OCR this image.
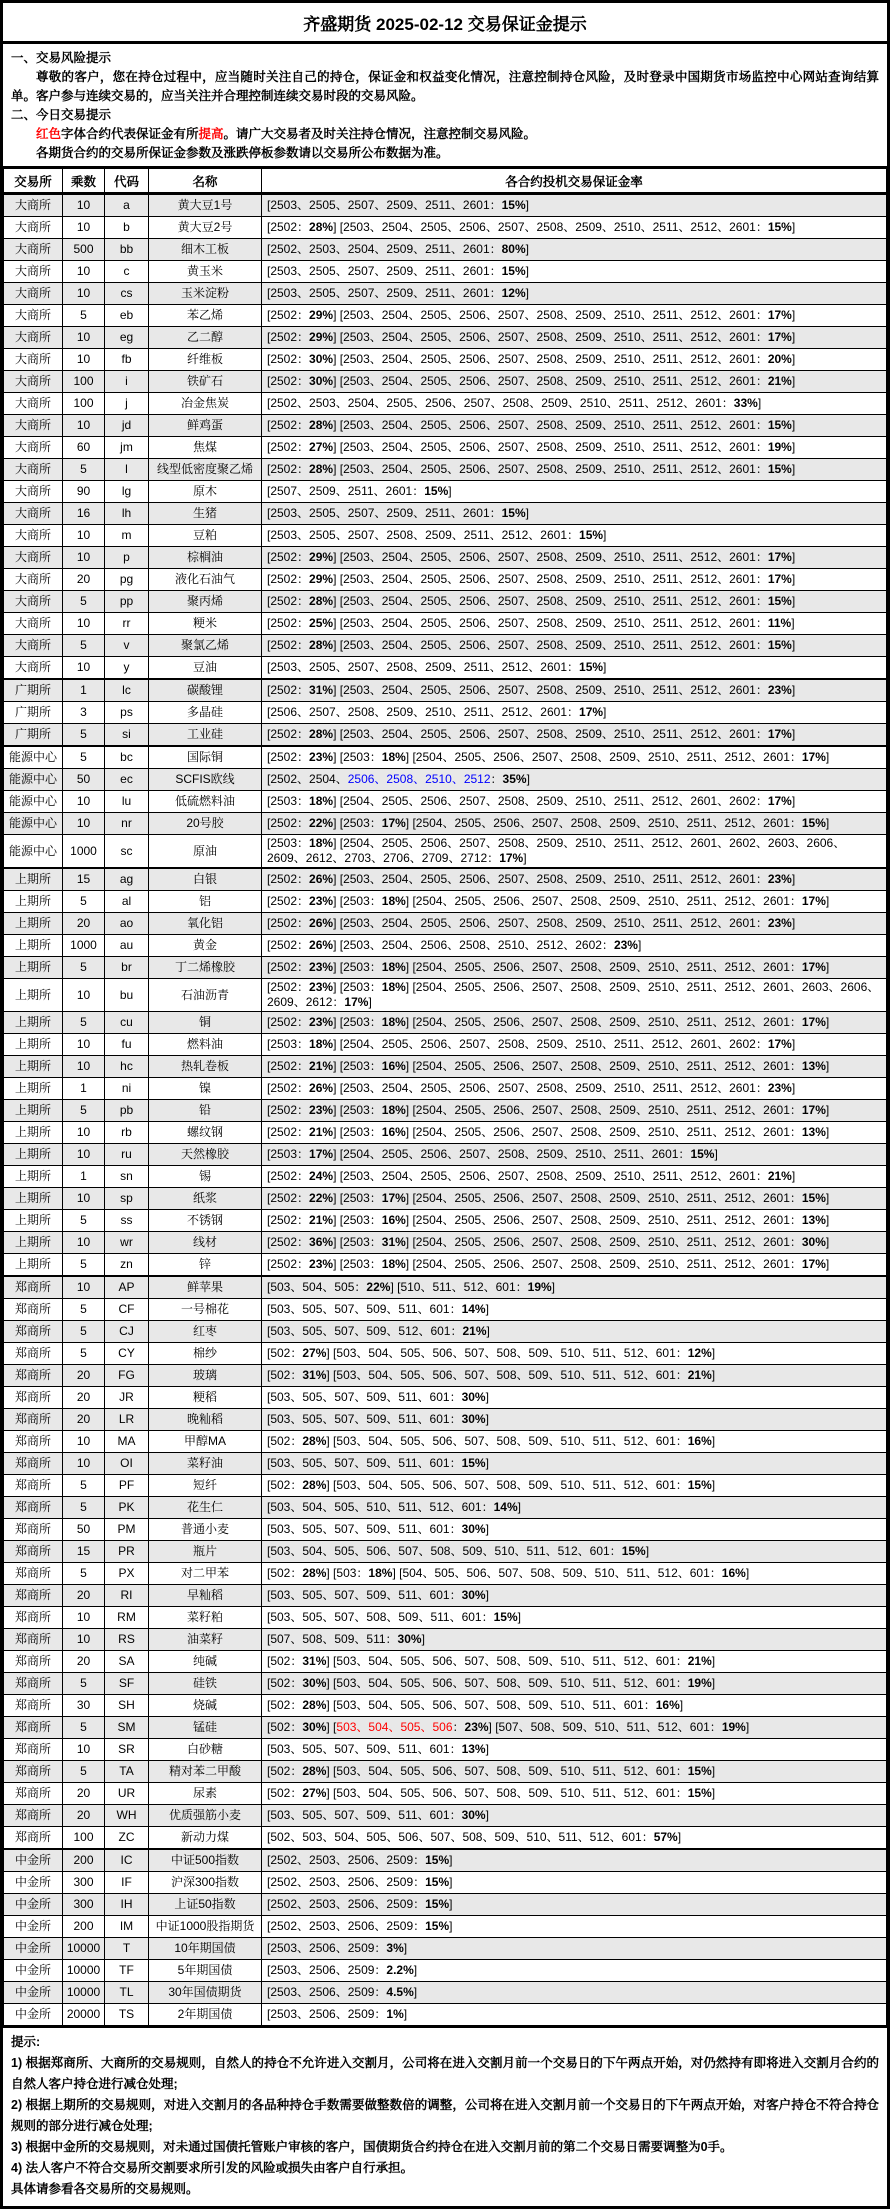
齐盛期货 2025-02-12 交易保证金提示
一、交易风险提示

尊敬的客户，您在持仓过程中，应当随时关注自己的持仓，保证金和权益变化情况，注意控制持仓风险，及时登录中国期货市场监控中心网站查询结算单。客户参与连续交易的，应当关注并合理控制连续交易时段的交易风险。

二、今日交易提示

红色字体合约代表保证金有所提高。请广大交易者及时关注持仓情况，注意控制交易风险。

各期货合约的交易所保证金参数及涨跌停板参数请以交易所公布数据为准。

交易所	乘数	代码	名称	各合约投机交易保证金率
大商所	10	a	黄大豆1号	[2503、2505、2507、2509、2511、2601：15%]
大商所	10	b	黄大豆2号	[2502：28%] [2503、2504、2505、2506、2507、2508、2509、2510、2511、2512、2601：15%]
大商所	500	bb	细木工板	[2502、2503、2504、2509、2511、2601：80%]
大商所	10	c	黄玉米	[2503、2505、2507、2509、2511、2601：15%]
大商所	10	cs	玉米淀粉	[2503、2505、2507、2509、2511、2601：12%]
大商所	5	eb	苯乙烯	[2502：29%] [2503、2504、2505、2506、2507、2508、2509、2510、2511、2512、2601：17%]
大商所	10	eg	乙二醇	[2502：29%] [2503、2504、2505、2506、2507、2508、2509、2510、2511、2512、2601：17%]
大商所	10	fb	纤维板	[2502：30%] [2503、2504、2505、2506、2507、2508、2509、2510、2511、2512、2601：20%]
大商所	100	i	铁矿石	[2502：30%] [2503、2504、2505、2506、2507、2508、2509、2510、2511、2512、2601：21%]
大商所	100	j	冶金焦炭	[2502、2503、2504、2505、2506、2507、2508、2509、2510、2511、2512、2601：33%]
大商所	10	jd	鲜鸡蛋	[2502：28%] [2503、2504、2505、2506、2507、2508、2509、2510、2511、2512、2601：15%]
大商所	60	jm	焦煤	[2502：27%] [2503、2504、2505、2506、2507、2508、2509、2510、2511、2512、2601：19%]
大商所	5	l	线型低密度聚乙烯	[2502：28%] [2503、2504、2505、2506、2507、2508、2509、2510、2511、2512、2601：15%]
大商所	90	lg	原木	[2507、2509、2511、2601：15%]
大商所	16	lh	生猪	[2503、2505、2507、2509、2511、2601：15%]
大商所	10	m	豆粕	[2503、2505、2507、2508、2509、2511、2512、2601：15%]
大商所	10	p	棕榈油	[2502：29%] [2503、2504、2505、2506、2507、2508、2509、2510、2511、2512、2601：17%]
大商所	20	pg	液化石油气	[2502：29%] [2503、2504、2505、2506、2507、2508、2509、2510、2511、2512、2601：17%]
大商所	5	pp	聚丙烯	[2502：28%] [2503、2504、2505、2506、2507、2508、2509、2510、2511、2512、2601：15%]
大商所	10	rr	粳米	[2502：25%] [2503、2504、2505、2506、2507、2508、2509、2510、2511、2512、2601：11%]
大商所	5	v	聚氯乙烯	[2502：28%] [2503、2504、2505、2506、2507、2508、2509、2510、2511、2512、2601：15%]
大商所	10	y	豆油	[2503、2505、2507、2508、2509、2511、2512、2601：15%]
广期所	1	lc	碳酸锂	[2502：31%] [2503、2504、2505、2506、2507、2508、2509、2510、2511、2512、2601：23%]
广期所	3	ps	多晶硅	[2506、2507、2508、2509、2510、2511、2512、2601：17%]
广期所	5	si	工业硅	[2502：28%] [2503、2504、2505、2506、2507、2508、2509、2510、2511、2512、2601：17%]
能源中心	5	bc	国际铜	[2502：23%] [2503：18%] [2504、2505、2506、2507、2508、2509、2510、2511、2512、2601：17%]
能源中心	50	ec	SCFIS欧线	[2502、2504、2506、2508、2510、2512：35%]
能源中心	10	lu	低硫燃料油	[2503：18%] [2504、2505、2506、2507、2508、2509、2510、2511、2512、2601、2602：17%]
能源中心	10	nr	20号胶	[2502：22%] [2503：17%] [2504、2505、2506、2507、2508、2509、2510、2511、2512、2601：15%]
能源中心	1000	sc	原油	[2503：18%] [2504、2505、2506、2507、2508、2509、2510、2511、2512、2601、2602、2603、2606、2609、2612、2703、2706、2709、2712：17%]
上期所	15	ag	白银	[2502：26%] [2503、2504、2505、2506、2507、2508、2509、2510、2511、2512、2601：23%]
上期所	5	al	铝	[2502：23%] [2503：18%] [2504、2505、2506、2507、2508、2509、2510、2511、2512、2601：17%]
上期所	20	ao	氧化铝	[2502：26%] [2503、2504、2505、2506、2507、2508、2509、2510、2511、2512、2601：23%]
上期所	1000	au	黄金	[2502：26%] [2503、2504、2506、2508、2510、2512、2602：23%]
上期所	5	br	丁二烯橡胶	[2502：23%] [2503：18%] [2504、2505、2506、2507、2508、2509、2510、2511、2512、2601：17%]
上期所	10	bu	石油沥青	[2502：23%] [2503：18%] [2504、2505、2506、2507、2508、2509、2510、2511、2512、2601、2603、2606、2609、2612：17%]
上期所	5	cu	铜	[2502：23%] [2503：18%] [2504、2505、2506、2507、2508、2509、2510、2511、2512、2601：17%]
上期所	10	fu	燃料油	[2503：18%] [2504、2505、2506、2507、2508、2509、2510、2511、2512、2601、2602：17%]
上期所	10	hc	热轧卷板	[2502：21%] [2503：16%] [2504、2505、2506、2507、2508、2509、2510、2511、2512、2601：13%]
上期所	1	ni	镍	[2502：26%] [2503、2504、2505、2506、2507、2508、2509、2510、2511、2512、2601：23%]
上期所	5	pb	铅	[2502：23%] [2503：18%] [2504、2505、2506、2507、2508、2509、2510、2511、2512、2601：17%]
上期所	10	rb	螺纹钢	[2502：21%] [2503：16%] [2504、2505、2506、2507、2508、2509、2510、2511、2512、2601：13%]
上期所	10	ru	天然橡胶	[2503：17%] [2504、2505、2506、2507、2508、2509、2510、2511、2601：15%]
上期所	1	sn	锡	[2502：24%] [2503、2504、2505、2506、2507、2508、2509、2510、2511、2512、2601：21%]
上期所	10	sp	纸浆	[2502：22%] [2503：17%] [2504、2505、2506、2507、2508、2509、2510、2511、2512、2601：15%]
上期所	5	ss	不锈钢	[2502：21%] [2503：16%] [2504、2505、2506、2507、2508、2509、2510、2511、2512、2601：13%]
上期所	10	wr	线材	[2502：36%] [2503：31%] [2504、2505、2506、2507、2508、2509、2510、2511、2512、2601：30%]
上期所	5	zn	锌	[2502：23%] [2503：18%] [2504、2505、2506、2507、2508、2509、2510、2511、2512、2601：17%]
郑商所	10	AP	鲜苹果	[503、504、505：22%] [510、511、512、601：19%]
郑商所	5	CF	一号棉花	[503、505、507、509、511、601：14%]
郑商所	5	CJ	红枣	[503、505、507、509、512、601：21%]
郑商所	5	CY	棉纱	[502：27%] [503、504、505、506、507、508、509、510、511、512、601：12%]
郑商所	20	FG	玻璃	[502：31%] [503、504、505、506、507、508、509、510、511、512、601：21%]
郑商所	20	JR	粳稻	[503、505、507、509、511、601：30%]
郑商所	20	LR	晚籼稻	[503、505、507、509、511、601：30%]
郑商所	10	MA	甲醇MA	[502：28%] [503、504、505、506、507、508、509、510、511、512、601：16%]
郑商所	10	OI	菜籽油	[503、505、507、509、511、601：15%]
郑商所	5	PF	短纤	[502：28%] [503、504、505、506、507、508、509、510、511、512、601：15%]
郑商所	5	PK	花生仁	[503、504、505、510、511、512、601：14%]
郑商所	50	PM	普通小麦	[503、505、507、509、511、601：30%]
郑商所	15	PR	瓶片	[503、504、505、506、507、508、509、510、511、512、601：15%]
郑商所	5	PX	对二甲苯	[502：28%] [503：18%] [504、505、506、507、508、509、510、511、512、601：16%]
郑商所	20	RI	早籼稻	[503、505、507、509、511、601：30%]
郑商所	10	RM	菜籽粕	[503、505、507、508、509、511、601：15%]
郑商所	10	RS	油菜籽	[507、508、509、511：30%]
郑商所	20	SA	纯碱	[502：31%] [503、504、505、506、507、508、509、510、511、512、601：21%]
郑商所	5	SF	硅铁	[502：30%] [503、504、505、506、507、508、509、510、511、512、601：19%]
郑商所	30	SH	烧碱	[502：28%] [503、504、505、506、507、508、509、510、511、601：16%]
郑商所	5	SM	锰硅	[502：30%] [503、504、505、506：23%] [507、508、509、510、511、512、601：19%]
郑商所	10	SR	白砂糖	[503、505、507、509、511、601：13%]
郑商所	5	TA	精对苯二甲酸	[502：28%] [503、504、505、506、507、508、509、510、511、512、601：15%]
郑商所	20	UR	尿素	[502：27%] [503、504、505、506、507、508、509、510、511、512、601：15%]
郑商所	20	WH	优质强筋小麦	[503、505、507、509、511、601：30%]
郑商所	100	ZC	新动力煤	[502、503、504、505、506、507、508、509、510、511、512、601：57%]
中金所	200	IC	中证500指数	[2502、2503、2506、2509：15%]
中金所	300	IF	沪深300指数	[2502、2503、2506、2509：15%]
中金所	300	IH	上证50指数	[2502、2503、2506、2509：15%]
中金所	200	IM	中证1000股指期货	[2502、2503、2506、2509：15%]
中金所	10000	T	10年期国债	[2503、2506、2509：3%]
中金所	10000	TF	5年期国债	[2503、2506、2509：2.2%]
中金所	10000	TL	30年国债期货	[2503、2506、2509：4.5%]
中金所	20000	TS	2年期国债	[2503、2506、2509：1%]
提示:
1) 根据郑商所、大商所的交易规则，自然人的持仓不允许进入交割月，公司将在进入交割月前一个交易日的下午两点开始，对仍然持有即将进入交割月合约的自然人客户持仓进行减仓处理;
2) 根据上期所的交易规则，对进入交割月的各品种持仓手数需要做整数倍的调整，公司将在进入交割月前一个交易日的下午两点开始，对客户持仓不符合持仓规则的部分进行减仓处理;
3) 根据中金所的交易规则，对未通过国债托管账户审核的客户，国债期货合约持仓在进入交割月前的第二个交易日需要调整为0手。
4) 法人客户不符合交易所交割要求所引发的风险或损失由客户自行承担。
具体请参看各交易所的交易规则。
